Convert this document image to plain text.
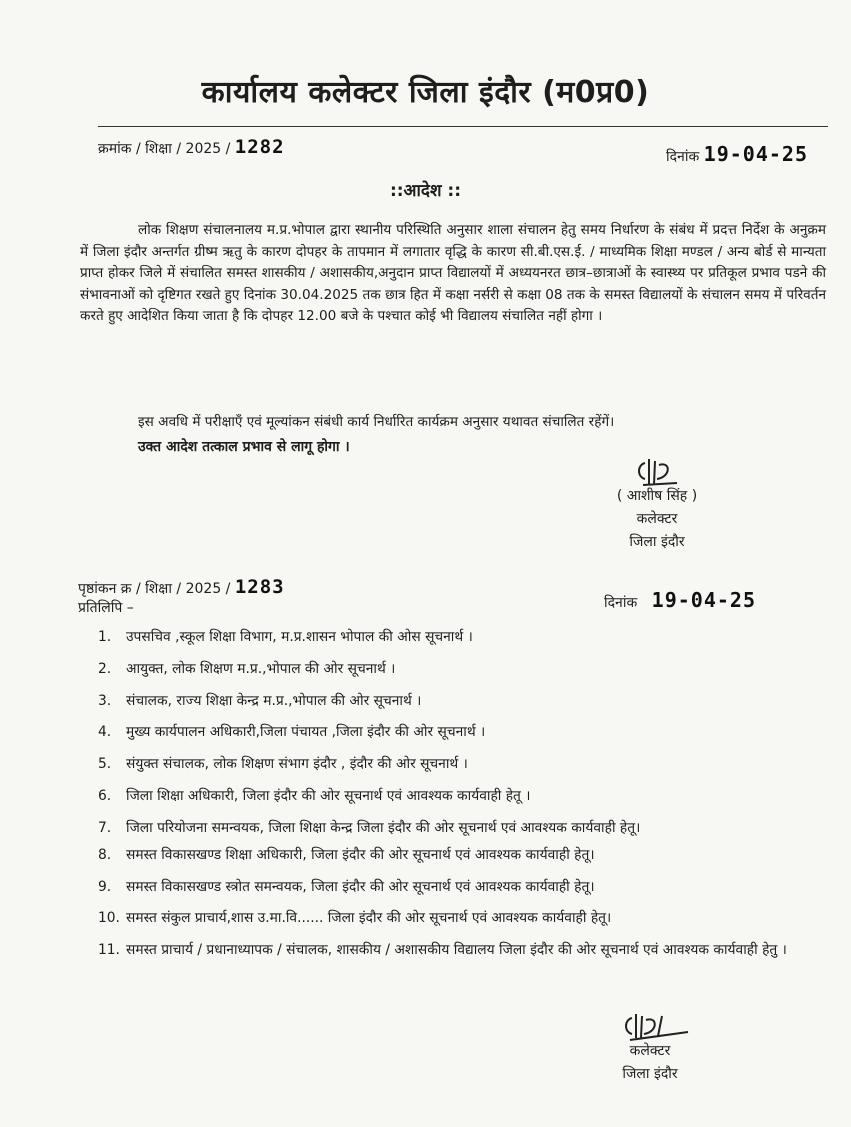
कार्यालय कलेक्टर जिला इंदौर (म0प्र0)
क्रमांक / शिक्षा / 2025 / 1282	दिनांक 19-04-25
::आदेश ::
लोक शिक्षण संचालनालय म.प्र.भोपाल द्वारा स्थानीय परिस्थिति अनुसार शाला संचालन हेतु समय निर्धारण के संबंध में प्रदत्त निर्देश के अनुक्रम में जिला इंदौर अन्तर्गत ग्रीष्म ऋतु के कारण दोपहर के तापमान में लगातार वृद्धि के कारण सी.बी.एस.ई. / माध्यमिक शिक्षा मण्डल / अन्य बोर्ड से मान्यता प्राप्त होकर जिले में संचालित समस्त शासकीय / अशासकीय,अनुदान प्राप्त विद्यालयों में अध्ययनरत छात्र–छात्राओं के स्वास्थ्य पर प्रतिकूल प्रभाव पडने की संभावनाओं को दृष्टिगत रखते हुए दिनांक 30.04.2025 तक छात्र हित में कक्षा नर्सरी से कक्षा 08 तक के समस्त विद्यालयों के संचालन समय में परिवर्तन करते हुए आदेशित किया जाता है कि दोपहर 12.00 बजे के पश्चात कोई भी विद्यालय संचालित नहीं होगा ।
इस अवधि में परीक्षाऍं एवं मूल्यांकन संबंधी कार्य निर्धारित कार्यक्रम अनुसार यथावत संचालित रहेंगें।
उक्त आदेश तत्काल प्रभाव से लागू होगा ।
( आशीष सिंह )
कलेक्टर
जिला इंदौर
पृष्ठांकन क्र / शिक्षा / 2025 / 1283
दिनांक 19-04-25
प्रतिलिपि –
1. उपसचिव ,स्कूल शिक्षा विभाग, म.प्र.शासन भोपाल की ओस सूचनार्थ ।
2. आयुक्त, लोक शिक्षण म.प्र.,भोपाल की ओर सूचनार्थ ।
3. संचालक, राज्य शिक्षा केन्द्र म.प्र.,भोपाल की ओर सूचनार्थ ।
4. मुख्य कार्यपालन अधिकारी,जिला पंचायत ,जिला इंदौर की ओर सूचनार्थ ।
5. संयुक्त संचालक, लोक शिक्षण संभाग इंदौर , इंदौर की ओर सूचनार्थ ।
6. जिला शिक्षा अधिकारी, जिला इंदौर की ओर सूचनार्थ एवं आवश्यक कार्यवाही हेतू ।
7. जिला परियोजना समन्वयक, जिला शिक्षा केन्द्र जिला इंदौर की ओर सूचनार्थ एवं आवश्यक कार्यवाही हेतू।
8. समस्त विकासखण्ड शिक्षा अधिकारी, जिला इंदौर की ओर सूचनार्थ एवं आवश्यक कार्यवाही हेतू।
9. समस्त विकासखण्ड स्त्रोत समन्वयक, जिला इंदौर की ओर सूचनार्थ एवं आवश्यक कार्यवाही हेतू।
10. समस्त संकुल प्राचार्य,शास उ.मा.वि...... जिला इंदौर की ओर सूचनार्थ एवं आवश्यक कार्यवाही हेतू।
11. समस्त प्राचार्य / प्रधानाध्यापक / संचालक, शासकीय / अशासकीय विद्यालय जिला इंदौर की ओर सूचनार्थ एवं आवश्यक कार्यवाही हेतु ।
कलेक्टर
जिला इंदौर
